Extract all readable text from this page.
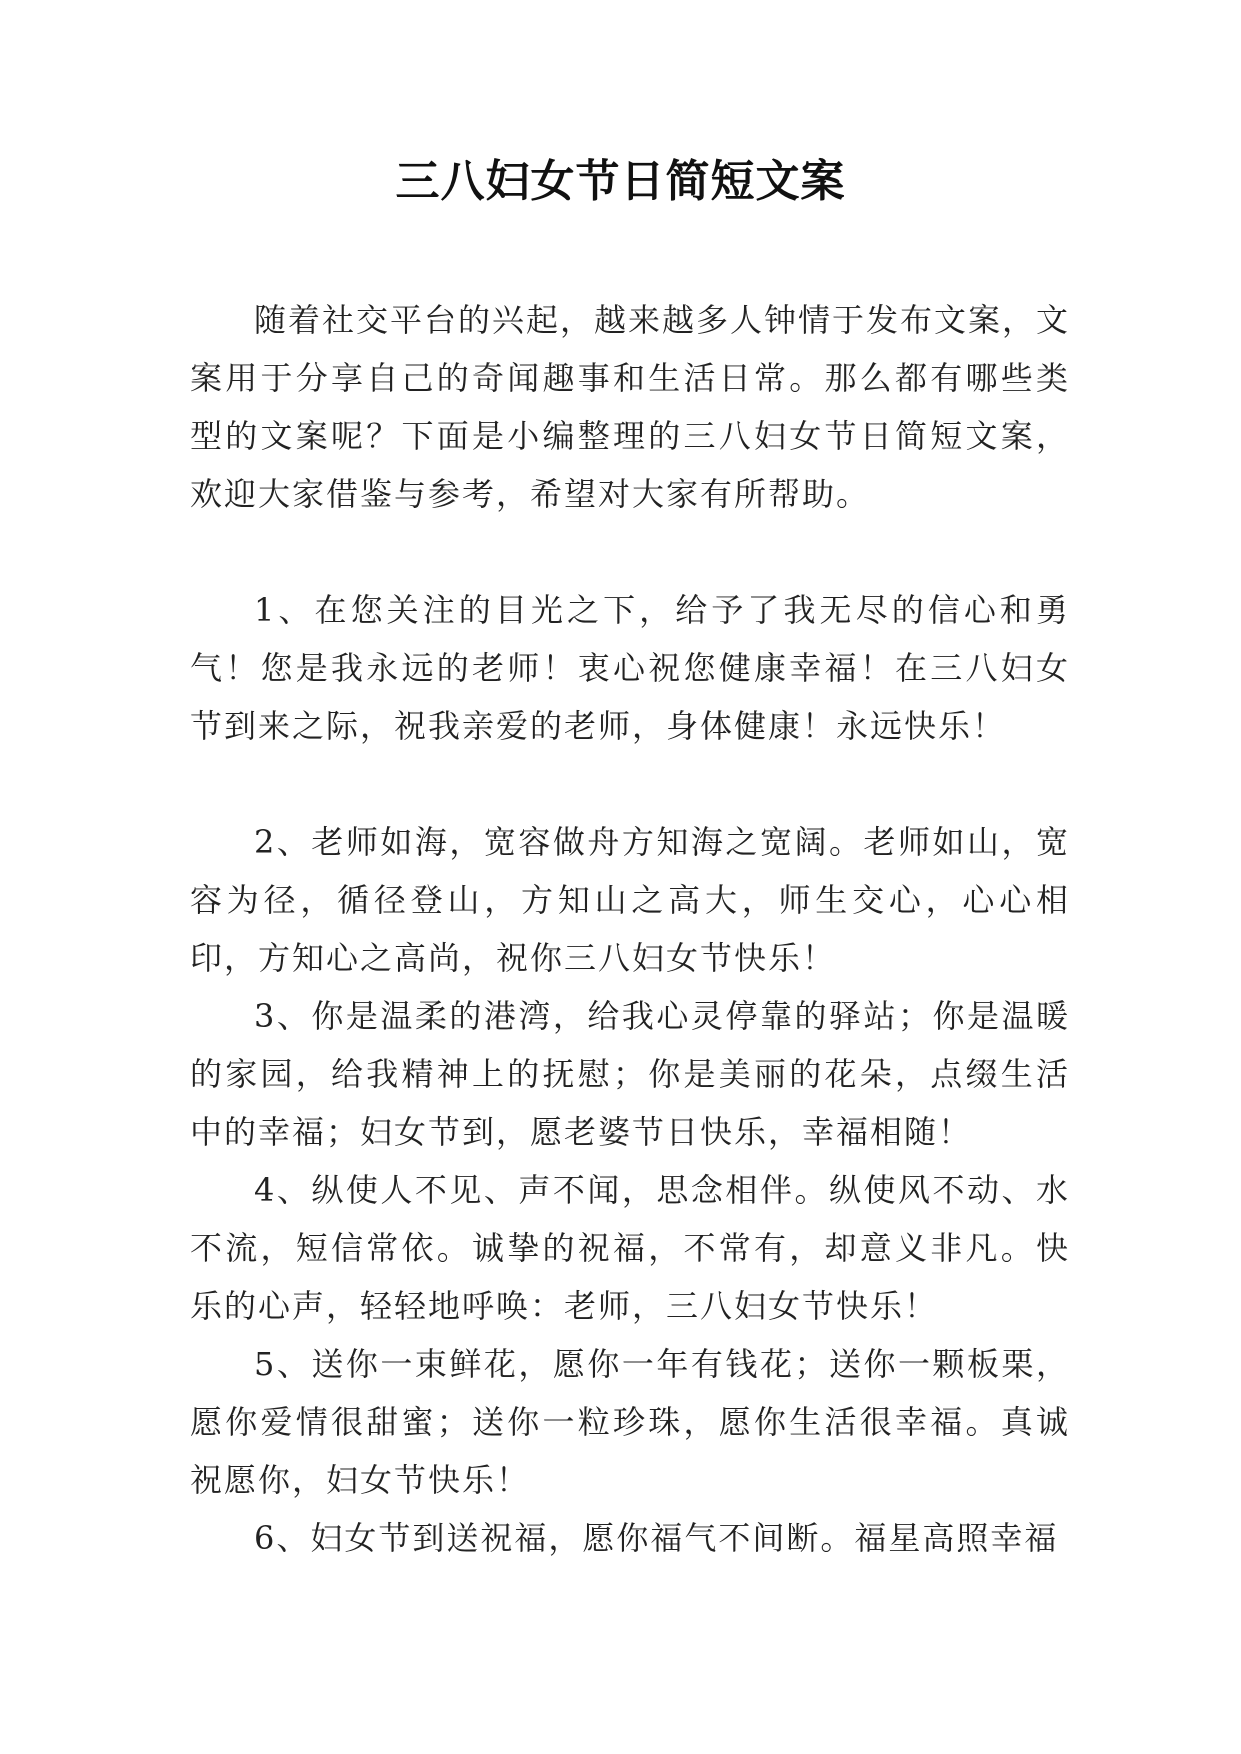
三八妇女节日简短文案

随着社交平台的兴起，越来越多人钟情于发布文案，文案用于分享自己的奇闻趣事和生活日常。那么都有哪些类型的文案呢？下面是小编整理的三八妇女节日简短文案，欢迎大家借鉴与参考，希望对大家有所帮助。

1、在您关注的目光之下，给予了我无尽的信心和勇气！您是我永远的老师！衷心祝您健康幸福！在三八妇女节到来之际，祝我亲爱的老师，身体健康！永远快乐！

2、老师如海，宽容做舟方知海之宽阔。老师如山，宽容为径，循径登山，方知山之高大，师生交心，心心相印，方知心之高尚，祝你三八妇女节快乐！

3、你是温柔的港湾，给我心灵停靠的驿站；你是温暖的家园，给我精神上的抚慰；你是美丽的花朵，点缀生活中的幸福；妇女节到，愿老婆节日快乐，幸福相随！

4、纵使人不见、声不闻，思念相伴。纵使风不动、水不流，短信常依。诚挚的祝福，不常有，却意义非凡。快乐的心声，轻轻地呼唤：老师，三八妇女节快乐！

5、送你一束鲜花，愿你一年有钱花；送你一颗板栗，愿你爱情很甜蜜；送你一粒珍珠，愿你生活很幸福。真诚祝愿你，妇女节快乐！

6、妇女节到送祝福，愿你福气不间断。福星高照幸福
